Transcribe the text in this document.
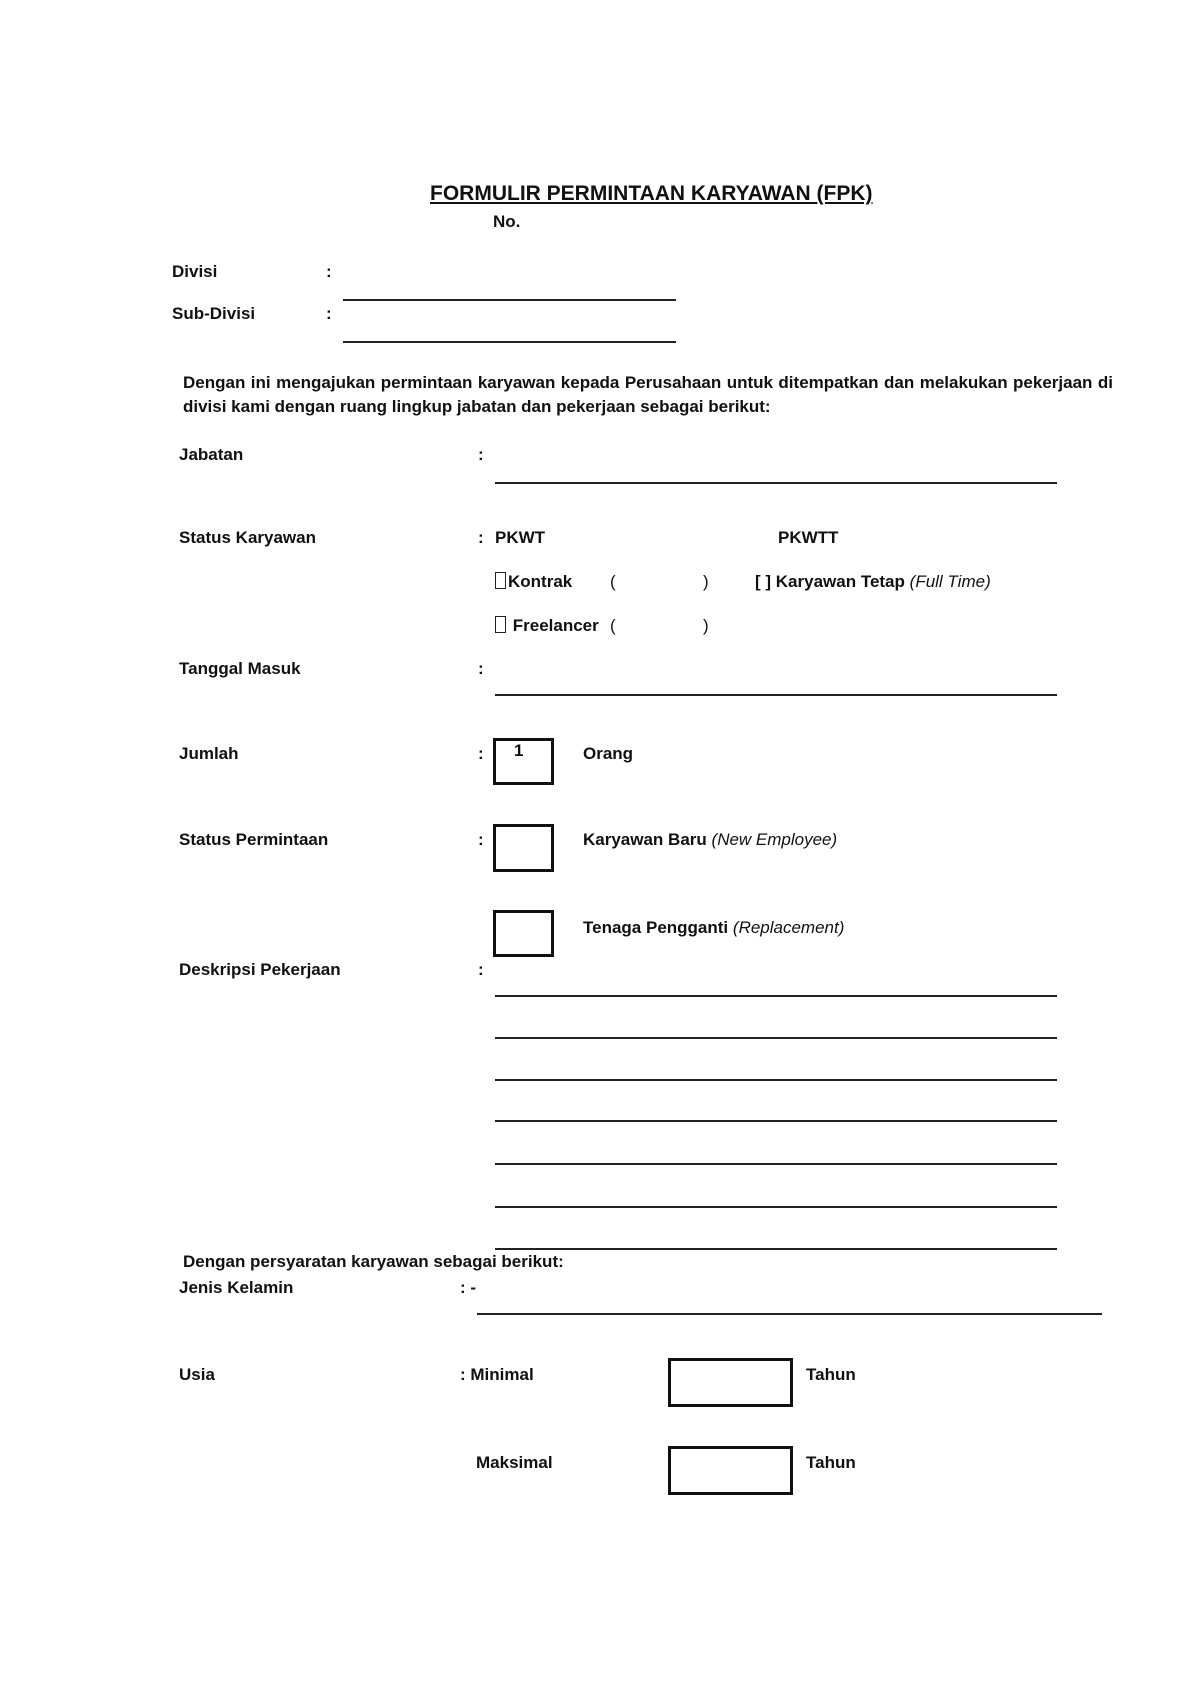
FORMULIR PERMINTAAN KARYAWAN (FPK)
No.
Divisi	:
Sub-Divisi	:
Dengan ini mengajukan permintaan karyawan kepada Perusahaan untuk ditempatkan dan melakukan pekerjaan di divisi kami dengan ruang lingkup jabatan dan pekerjaan sebagai berikut:
Jabatan	:
Status Karyawan	: PKWT	PKWTT
Kontrak (	)	[ ] Karyawan Tetap (Full Time)
Freelancer (	)
Tanggal Masuk	:
Jumlah	: 1	Orang
Status Permintaan	:	Karyawan Baru (New Employee)
Tenaga Pengganti (Replacement)
Deskripsi Pekerjaan	:
Dengan persyaratan karyawan sebagai berikut:
Jenis Kelamin	: -
Usia	: Minimal	Tahun
Maksimal	Tahun
